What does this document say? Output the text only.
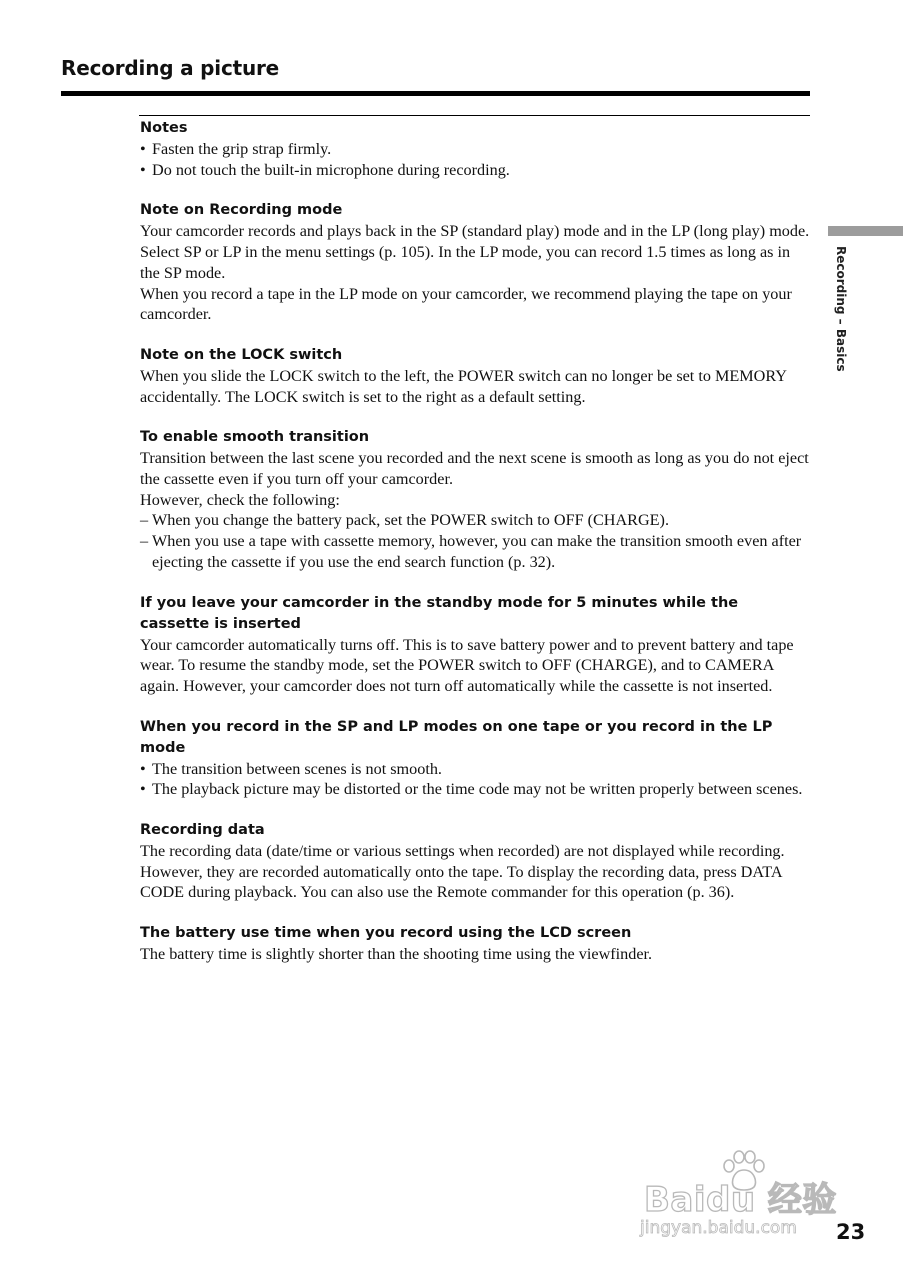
Recording a picture

Notes

• Fasten the grip strap firmly.
• Do not touch the built-in microphone during recording.

Note on Recording mode

Your camcorder records and plays back in the SP (standard play) mode and in the LP (long play) mode. Select SP or LP in the menu settings (p. 105). In the LP mode, you can record 1.5 times as long as in the SP mode.

When you record a tape in the LP mode on your camcorder, we recommend playing the tape on your camcorder.

Note on the LOCK switch

When you slide the LOCK switch to the left, the POWER switch can no longer be set to MEMORY accidentally. The LOCK switch is set to the right as a default setting.

To enable smooth transition

Transition between the last scene you recorded and the next scene is smooth as long as you do not eject the cassette even if you turn off your camcorder.

However, check the following:

– When you change the battery pack, set the POWER switch to OFF (CHARGE).
– When you use a tape with cassette memory, however, you can make the transition smooth even after ejecting the cassette if you use the end search function (p. 32).

If you leave your camcorder in the standby mode for 5 minutes while the cassette is inserted

Your camcorder automatically turns off. This is to save battery power and to prevent battery and tape wear. To resume the standby mode, set the POWER switch to OFF (CHARGE), and to CAMERA again. However, your camcorder does not turn off automatically while the cassette is not inserted.

When you record in the SP and LP modes on one tape or you record in the LP mode

• The transition between scenes is not smooth.
• The playback picture may be distorted or the time code may not be written properly between scenes.

Recording data

The recording data (date/time or various settings when recorded) are not displayed while recording. However, they are recorded automatically onto the tape. To display the recording data, press DATA CODE during playback. You can also use the Remote commander for this operation (p. 36).

The battery use time when you record using the LCD screen

The battery time is slightly shorter than the shooting time using the viewfinder.

Recording – Basics
Baidu 经验
jingyan.baidu.com 23
